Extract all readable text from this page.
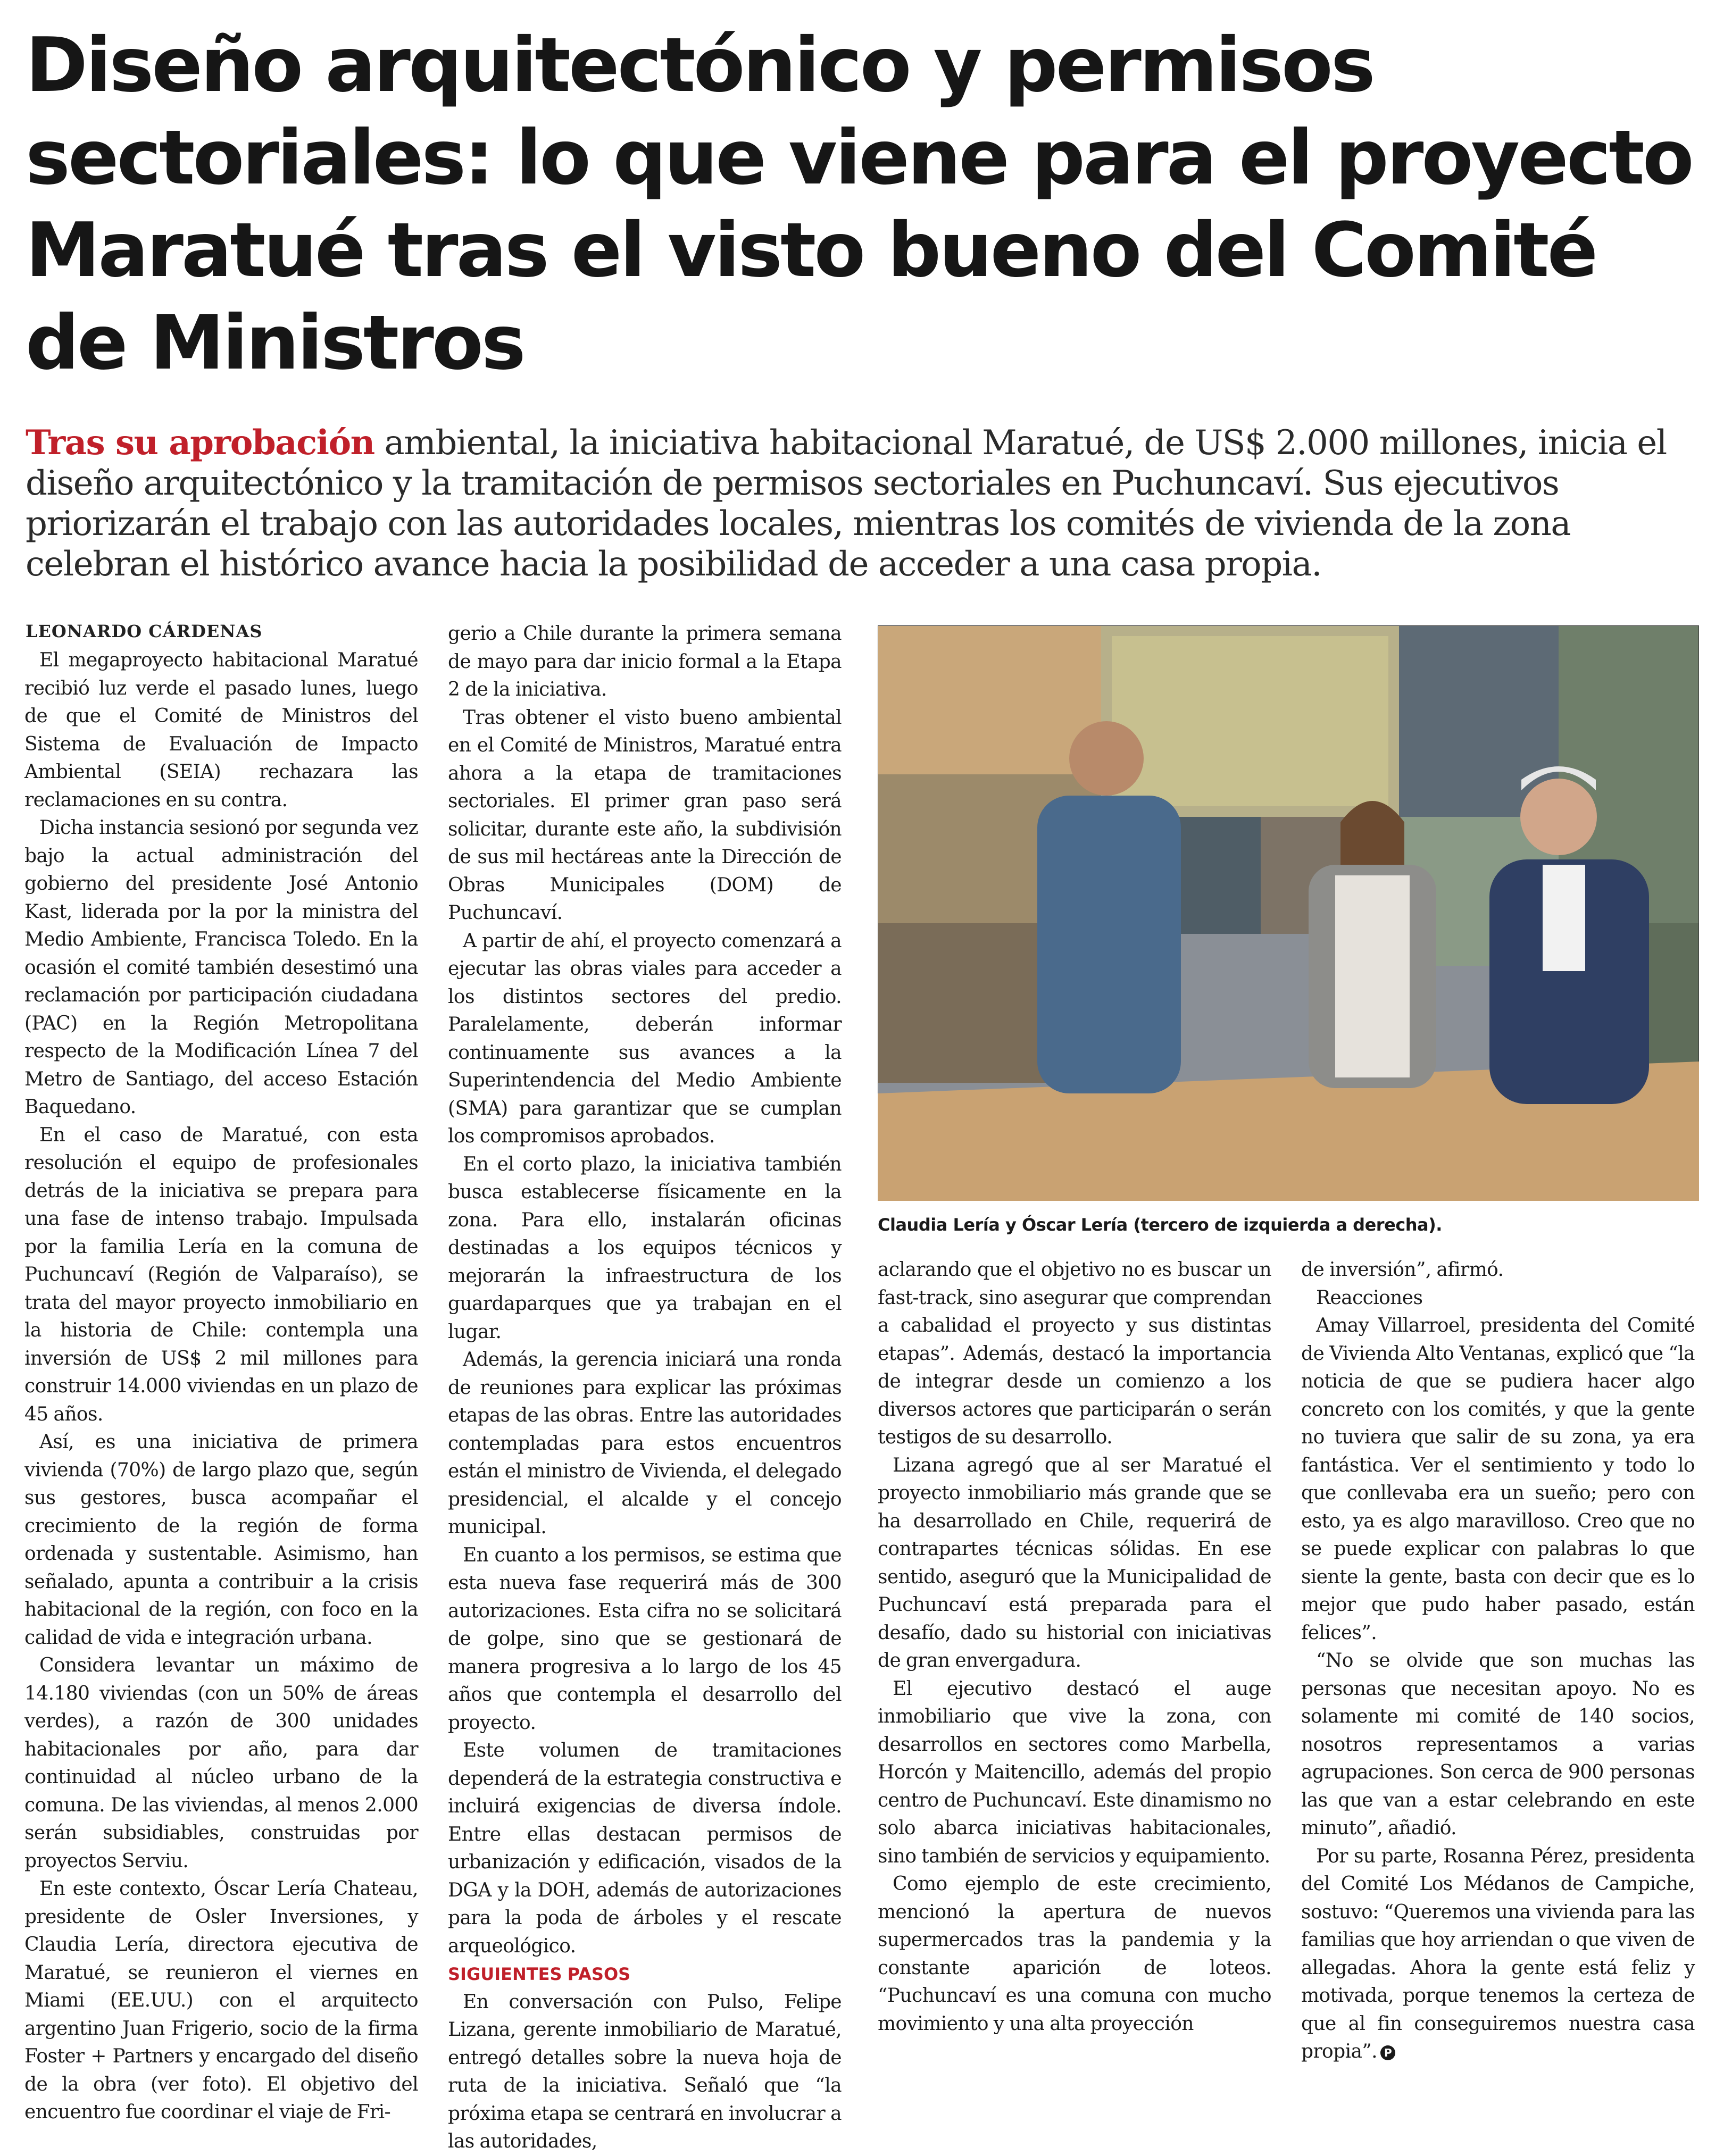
Diseño arquitectónico y permisos sectoriales: lo que viene para el proyecto Maratué tras el visto bueno del Comité de Ministros

Tras su aprobación ambiental, la iniciativa habitacional Maratué, de US$ 2.000 millones, inicia el diseño arquitectónico y la tramitación de permisos sectoriales en Puchuncaví. Sus ejecutivos priorizarán el trabajo con las autoridades locales, mientras los comités de vivienda de la zona celebran el histórico avance hacia la posibilidad de acceder a una casa propia.

LEONARDO CÁRDENAS

El megaproyecto habitacional Maratué recibió luz verde el pasado lunes, luego de que el Comité de Ministros del Sistema de Evaluación de Impacto Ambiental (SEIA) rechazara las reclamaciones en su contra.

Dicha instancia sesionó por segunda vez bajo la actual administración del gobierno del presidente José Antonio Kast, liderada por la por la ministra del Medio Ambiente, Francisca Toledo. En la ocasión el comité también desestimó una reclamación por participación ciudadana (PAC) en la Región Metropolitana respecto de la Modificación Línea 7 del Metro de Santiago, del acceso Estación Baquedano.

En el caso de Maratué, con esta resolución el equipo de profesionales detrás de la iniciativa se prepara para una fase de intenso trabajo. Impulsada por la familia Lería en la comuna de Puchuncaví (Región de Valparaíso), se trata del mayor proyecto inmobiliario en la historia de Chile: contempla una inversión de US$ 2 mil millones para construir 14.000 viviendas en un plazo de 45 años.

Así, es una iniciativa de primera vivienda (70%) de largo plazo que, según sus gestores, busca acompañar el crecimiento de la región de forma ordenada y sustentable. Asimismo, han señalado, apunta a contribuir a la crisis habitacional de la región, con foco en la calidad de vida e integración urbana.

Considera levantar un máximo de 14.180 viviendas (con un 50% de áreas verdes), a razón de 300 unidades habitacionales por año, para dar continuidad al núcleo urbano de la comuna. De las viviendas, al menos 2.000 serán subsidiables, construidas por proyectos Serviu.

En este contexto, Óscar Lería Chateau, presidente de Osler Inversiones, y Claudia Lería, directora ejecutiva de Maratué, se reunieron el viernes en Miami (EE.UU.) con el arquitecto argentino Juan Frigerio, socio de la firma Foster + Partners y encargado del diseño de la obra (ver foto). El objetivo del encuentro fue coordinar el viaje de Fri-

gerio a Chile durante la primera semana de mayo para dar inicio formal a la Etapa 2 de la iniciativa.

Tras obtener el visto bueno ambiental en el Comité de Ministros, Maratué entra ahora a la etapa de tramitaciones sectoriales. El primer gran paso será solicitar, durante este año, la subdivisión de sus mil hectáreas ante la Dirección de Obras Municipales (DOM) de Puchuncaví.

A partir de ahí, el proyecto comenzará a ejecutar las obras viales para acceder a los distintos sectores del predio. Paralelamente, deberán informar continuamente sus avances a la Superintendencia del Medio Ambiente (SMA) para garantizar que se cumplan los compromisos aprobados.

En el corto plazo, la iniciativa también busca establecerse físicamente en la zona. Para ello, instalarán oficinas destinadas a los equipos técnicos y mejorarán la infraestructura de los guardaparques que ya trabajan en el lugar.

Además, la gerencia iniciará una ronda de reuniones para explicar las próximas etapas de las obras. Entre las autoridades contempladas para estos encuentros están el ministro de Vivienda, el delegado presidencial, el alcalde y el concejo municipal.

En cuanto a los permisos, se estima que esta nueva fase requerirá más de 300 autorizaciones. Esta cifra no se solicitará de golpe, sino que se gestionará de manera progresiva a lo largo de los 45 años que contempla el desarrollo del proyecto.

Este volumen de tramitaciones dependerá de la estrategia constructiva e incluirá exigencias de diversa índole. Entre ellas destacan permisos de urbanización y edificación, visados de la DGA y la DOH, además de autorizaciones para la poda de árboles y el rescate arqueológico.

SIGUIENTES PASOS

En conversación con Pulso, Felipe Lizana, gerente inmobiliario de Maratué, entregó detalles sobre la nueva hoja de ruta de la iniciativa. Señaló que “la próxima etapa se centrará en involucrar a las autoridades,

Claudia Lería y Óscar Lería (tercero de izquierda a derecha).

aclarando que el objetivo no es buscar un fast-track, sino asegurar que comprendan a cabalidad el proyecto y sus distintas etapas”. Además, destacó la importancia de integrar desde un comienzo a los diversos actores que participarán o serán testigos de su desarrollo.

Lizana agregó que al ser Maratué el proyecto inmobiliario más grande que se ha desarrollado en Chile, requerirá de contrapartes técnicas sólidas. En ese sentido, aseguró que la Municipalidad de Puchuncaví está preparada para el desafío, dado su historial con iniciativas de gran envergadura.

El ejecutivo destacó el auge inmobiliario que vive la zona, con desarrollos en sectores como Marbella, Horcón y Maitencillo, además del propio centro de Puchuncaví. Este dinamismo no solo abarca iniciativas habitacionales, sino también de servicios y equipamiento.

Como ejemplo de este crecimiento, mencionó la apertura de nuevos supermercados tras la pandemia y la constante aparición de loteos. “Puchuncaví es una comuna con mucho movimiento y una alta proyección

de inversión”, afirmó.

Reacciones

Amay Villarroel, presidenta del Comité de Vivienda Alto Ventanas, explicó que “la noticia de que se pudiera hacer algo concreto con los comités, y que la gente no tuviera que salir de su zona, ya era fantástica. Ver el sentimiento y todo lo que conllevaba era un sueño; pero con esto, ya es algo maravilloso. Creo que no se puede explicar con palabras lo que siente la gente, basta con decir que es lo mejor que pudo haber pasado, están felices”.

“No se olvide que son muchas las personas que necesitan apoyo. No es solamente mi comité de 140 socios, nosotros representamos a varias agrupaciones. Son cerca de 900 personas las que van a estar celebrando en este minuto”, añadió.

Por su parte, Rosanna Pérez, presidenta del Comité Los Médanos de Campiche, sostuvo: “Queremos una vivienda para las familias que hoy arriendan o que viven de allegadas. Ahora la gente está feliz y motivada, porque tenemos la certeza de que al fin conseguiremos nuestra casa propia”. P
